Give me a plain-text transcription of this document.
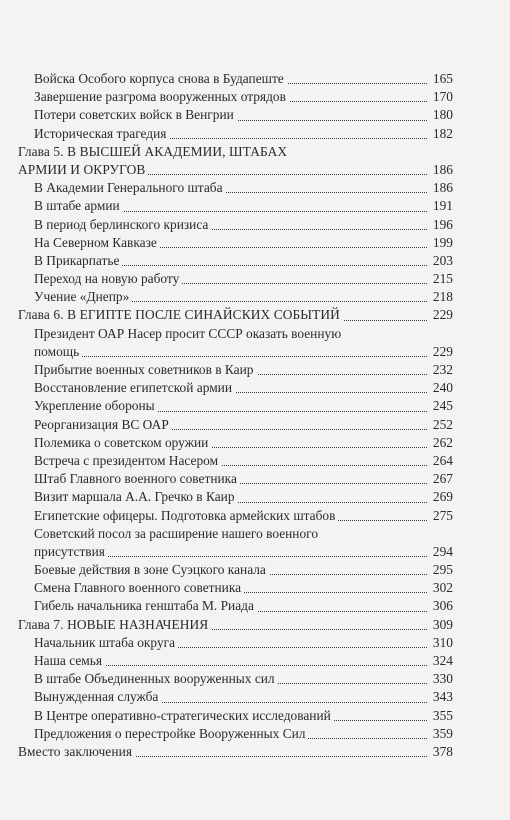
Войска Особого корпуса снова в Будапеште	165
Завершение разгрома вооруженных отрядов	170
Потери советских войск в Венгрии	180
Историческая трагедия	182
Глава 5. В ВЫСШЕЙ АКАДЕМИИ, ШТАБАХ
АРМИИ И ОКРУГОВ	186
В Академии Генерального штаба	186
В штабе армии	191
В период берлинского кризиса	196
На Северном Кавказе	199
В Прикарпатье	203
Переход на новую работу	215
Учение «Днепр»	218
Глава 6. В ЕГИПТЕ ПОСЛЕ СИНАЙСКИХ СОБЫТИЙ	229
Президент ОАР Насер просит СССР оказать военную
помощь	229
Прибытие военных советников в Каир	232
Восстановление египетской армии	240
Укрепление обороны	245
Реорганизация ВС ОАР	252
Полемика о советском оружии	262
Встреча с президентом Насером	264
Штаб Главного военного советника	267
Визит маршала А.А. Гречко в Каир	269
Египетские офицеры. Подготовка армейских штабов	275
Советский посол за расширение нашего военного
присутствия	294
Боевые действия в зоне Суэцкого канала	295
Смена Главного военного советника	302
Гибель начальника генштаба М. Риада	306
Глава 7. НОВЫЕ НАЗНАЧЕНИЯ	309
Начальник штаба округа	310
Наша семья	324
В штабе Объединенных вооруженных сил	330
Вынужденная служба	343
В Центре оперативно-стратегических исследований	355
Предложения о перестройке Вооруженных Сил	359
Вместо заключения	378
